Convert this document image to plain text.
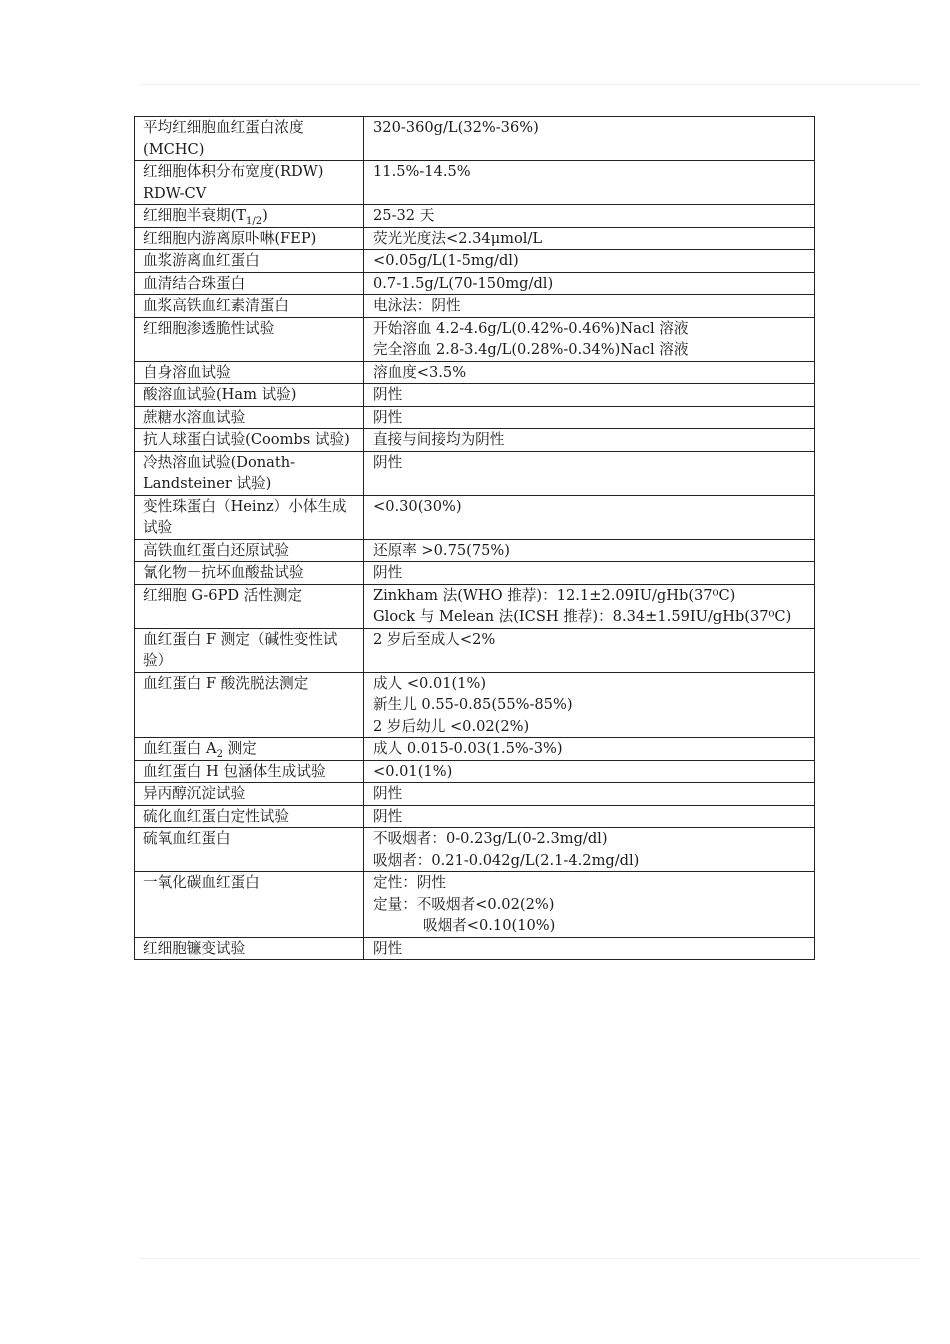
平均红细胞血红蛋白浓度(MCHC)	320-360g/L(32%-36%)

红细胞体积分布宽度(RDW) RDW-CV	11.5%-14.5%

红细胞半衰期$(T_{1/2})$	25-32 天

红细胞内游离原卟啉(FEP)	荧光光度法<2.34μmol/L

血浆游离血红蛋白	<0.05g/L(1-5mg/dl)

血清结合珠蛋白	0.7-1.5g/L(70-150mg/dl)

血浆高铁血红素清蛋白	电泳法：阴性

红细胞渗透脆性试验	开始溶血 4.2-4.6g/L(0.42%-0.46%)Nacl 溶液
完全溶血 2.8-3.4g/L(0.28%-0.34%)Nacl 溶液

自身溶血试验	溶血度<3.5%

酸溶血试验(Ham 试验)	阴性

蔗糖水溶血试验	阴性

抗人球蛋白试验(Coombs 试验)	直接与间接均为阴性

冷热溶血试验(Donath-Landsteiner 试验)	阴性

变性珠蛋白（Heinz）小体生成试验	<0.30(30%)

高铁血红蛋白还原试验	还原率 >0.75(75%)

氰化物－抗坏血酸盐试验	阴性

红细胞 G-6PD 活性测定	Zinkham 法(WHO 推荐)：12.1±2.09IU/gHb(37⁰C)
Glock 与 Melean 法(ICSH 推荐)：8.34±1.59IU/gHb(37⁰C)

血红蛋白 F 测定（碱性变性试验）	2 岁后至成人<2%

血红蛋白 F 酸洗脱法测定	成人 <0.01(1%)
新生儿 0.55-0.85(55%-85%)
2 岁后幼儿 <0.02(2%)

血红蛋白 $A_2$ 测定	成人 0.015-0.03(1.5%-3%)

血红蛋白 H 包涵体生成试验	<0.01(1%)

异丙醇沉淀试验	阴性

硫化血红蛋白定性试验	阴性

硫氧血红蛋白	不吸烟者：0-0.23g/L(0-2.3mg/dl)
吸烟者：0.21-0.042g/L(2.1-4.2mg/dl)

一氧化碳血红蛋白	定性：阴性
定量：不吸烟者<0.02(2%)
吸烟者<0.10(10%)

红细胞镰变试验	阴性
